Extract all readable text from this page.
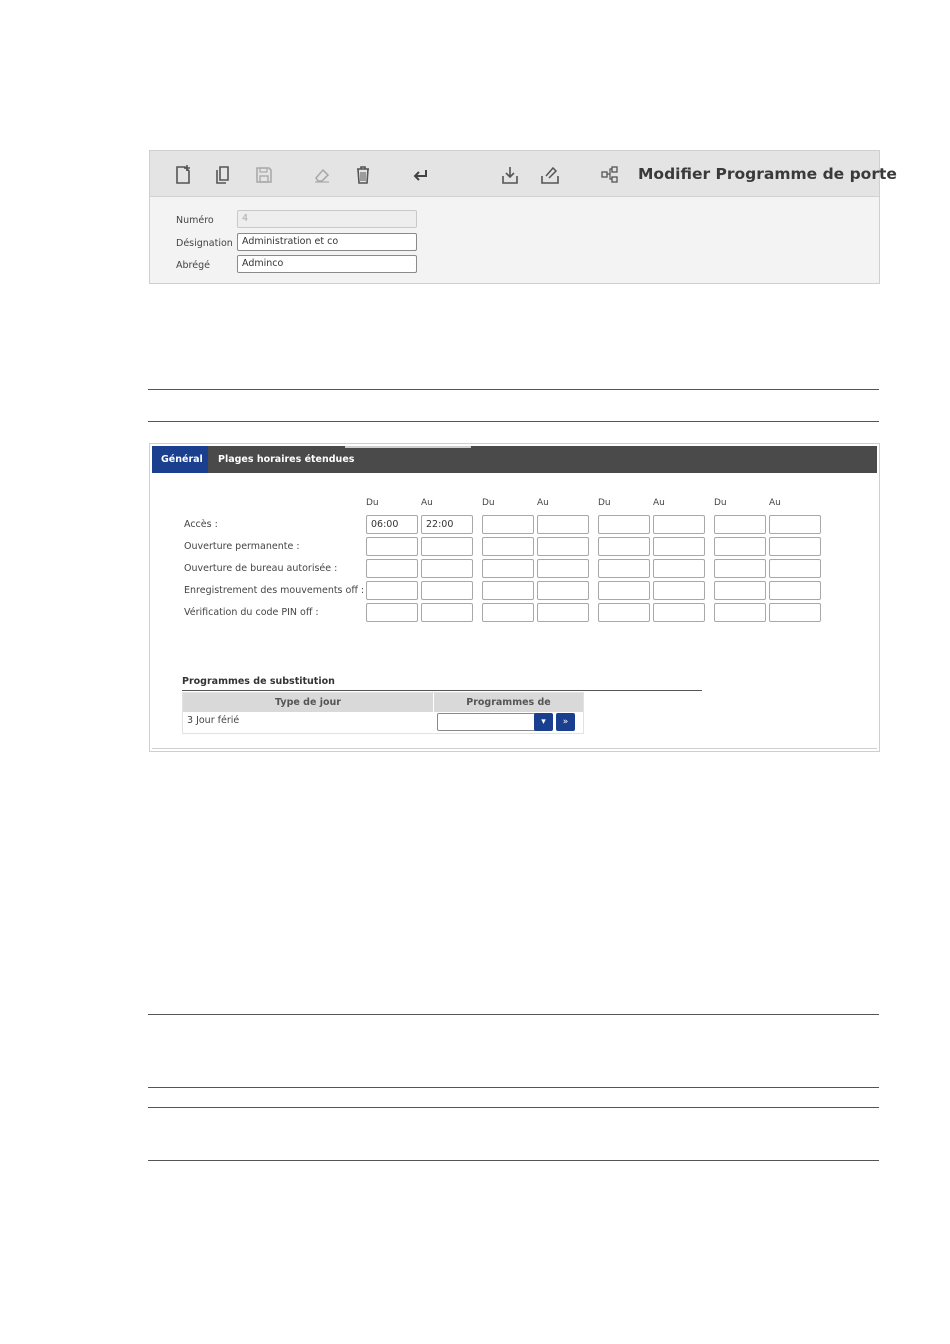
Modifier Programme de porte
Numéro	4
Désignation Administration et co
Abrégé	Adminco
Général	Plages horaires étendues
Du	Au	Du	Au	Du	Au	Du	Au
Accès :	06:00	22:00
Ouverture permanente :
Ouverture de bureau autorisée :
Enregistrement des mouvements off :
Vérification du code PIN off :
Programmes de substitution
Type de jour	Programmes de
3 Jour férié	▾	»
